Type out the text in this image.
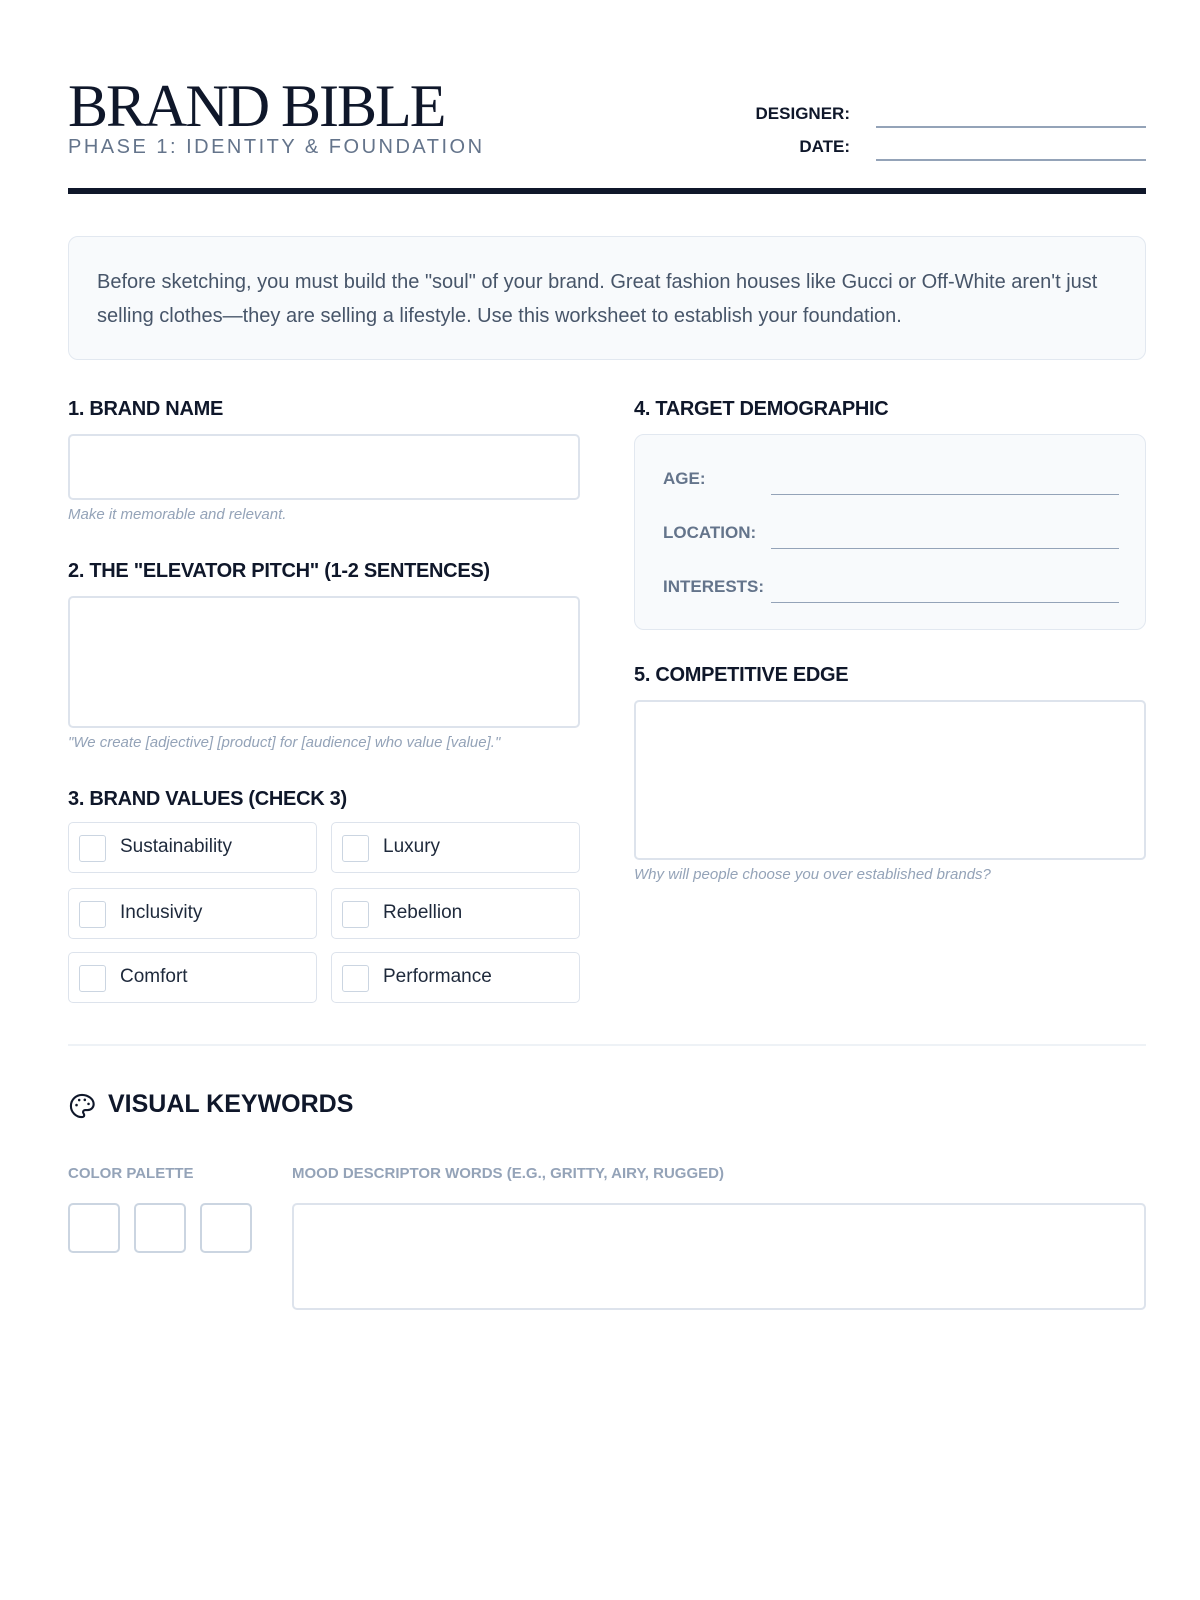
BRAND BIBLE
PHASE 1: IDENTITY & FOUNDATION
DESIGNER:
DATE:
Before sketching, you must build the "soul" of your brand. Great fashion houses like Gucci or Off-White aren't just selling clothes—they are selling a lifestyle. Use this worksheet to establish your foundation.
1. BRAND NAME
Make it memorable and relevant.
2. THE "ELEVATOR PITCH" (1-2 SENTENCES)
"We create [adjective] [product] for [audience] who value [value]."
3. BRAND VALUES (CHECK 3)
Sustainability	Luxury
Inclusivity	Rebellion
Comfort	Performance
4. TARGET DEMOGRAPHIC
AGE:
LOCATION:
INTERESTS:
5. COMPETITIVE EDGE
Why will people choose you over established brands?
VISUAL KEYWORDS
COLOR PALETTE	MOOD DESCRIPTOR WORDS (E.G., GRITTY, AIRY, RUGGED)
